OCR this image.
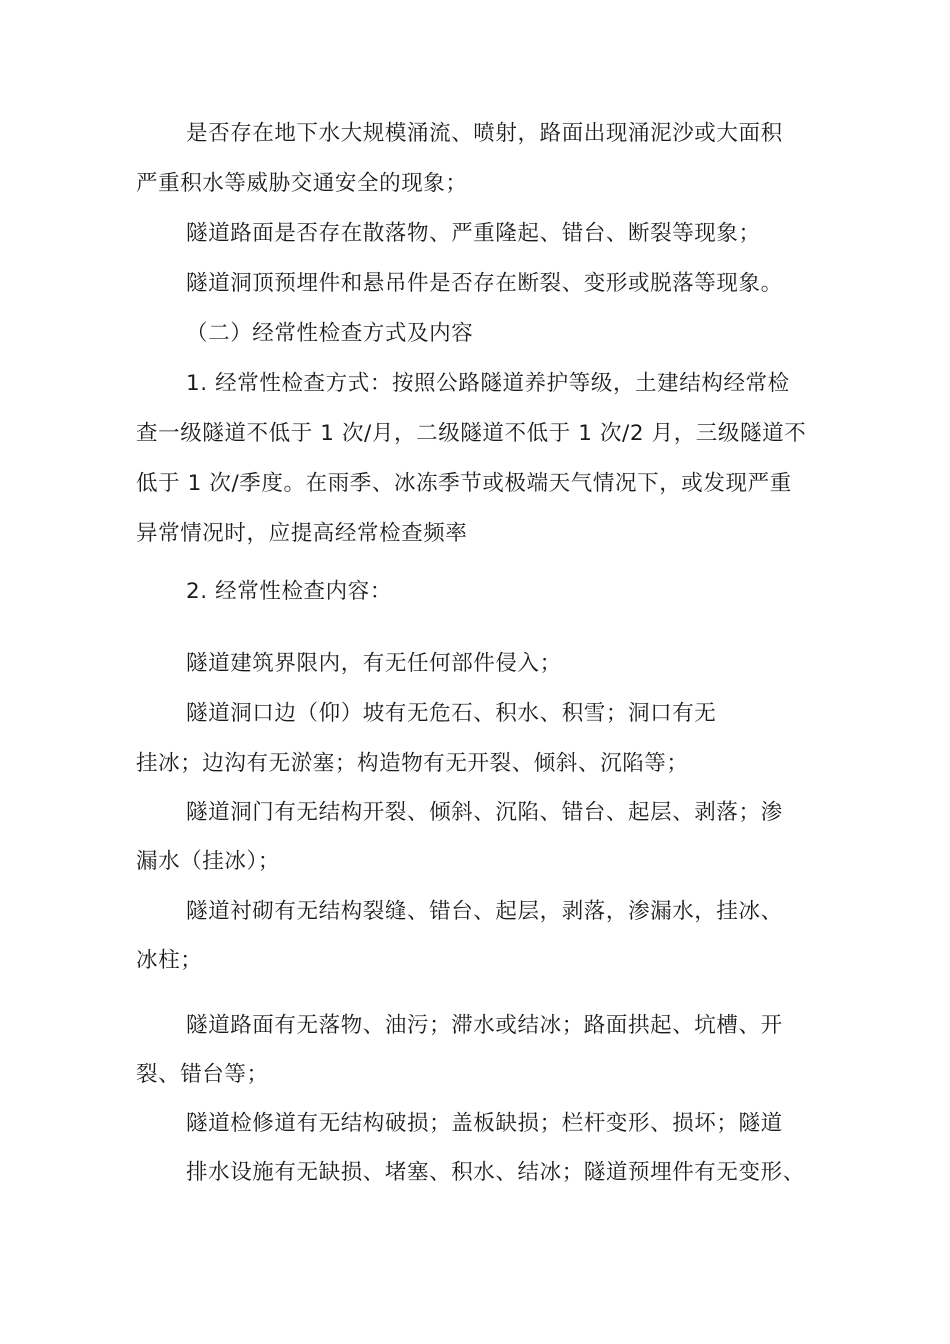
是否存在地下水大规模涌流、喷射，路面出现涌泥沙或大面积

严重积水等威胁交通安全的现象；

隧道路面是否存在散落物、严重隆起、错台、断裂等现象；

隧道洞顶预埋件和悬吊件是否存在断裂、变形或脱落等现象。

（二）经常性检查方式及内容

1. 经常性检查方式：按照公路隧道养护等级，土建结构经常检

查一级隧道不低于 1 次/月，二级隧道不低于 1 次/2 月，三级隧道不

低于 1 次/季度。在雨季、冰冻季节或极端天气情况下，或发现严重

异常情况时，应提高经常检查频率

2. 经常性检查内容：

隧道建筑界限内，有无任何部件侵入；

隧道洞口边（仰）坡有无危石、积水、积雪；洞口有无

挂冰；边沟有无淤塞；构造物有无开裂、倾斜、沉陷等；

隧道洞门有无结构开裂、倾斜、沉陷、错台、起层、剥落；渗

漏水（挂冰）；

隧道衬砌有无结构裂缝、错台、起层，剥落，渗漏水，挂冰、

冰柱；

隧道路面有无落物、油污；滞水或结冰；路面拱起、坑槽、开

裂、错台等；

隧道检修道有无结构破损；盖板缺损；栏杆变形、损坏；隧道

排水设施有无缺损、堵塞、积水、结冰；隧道预埋件有无变形、
